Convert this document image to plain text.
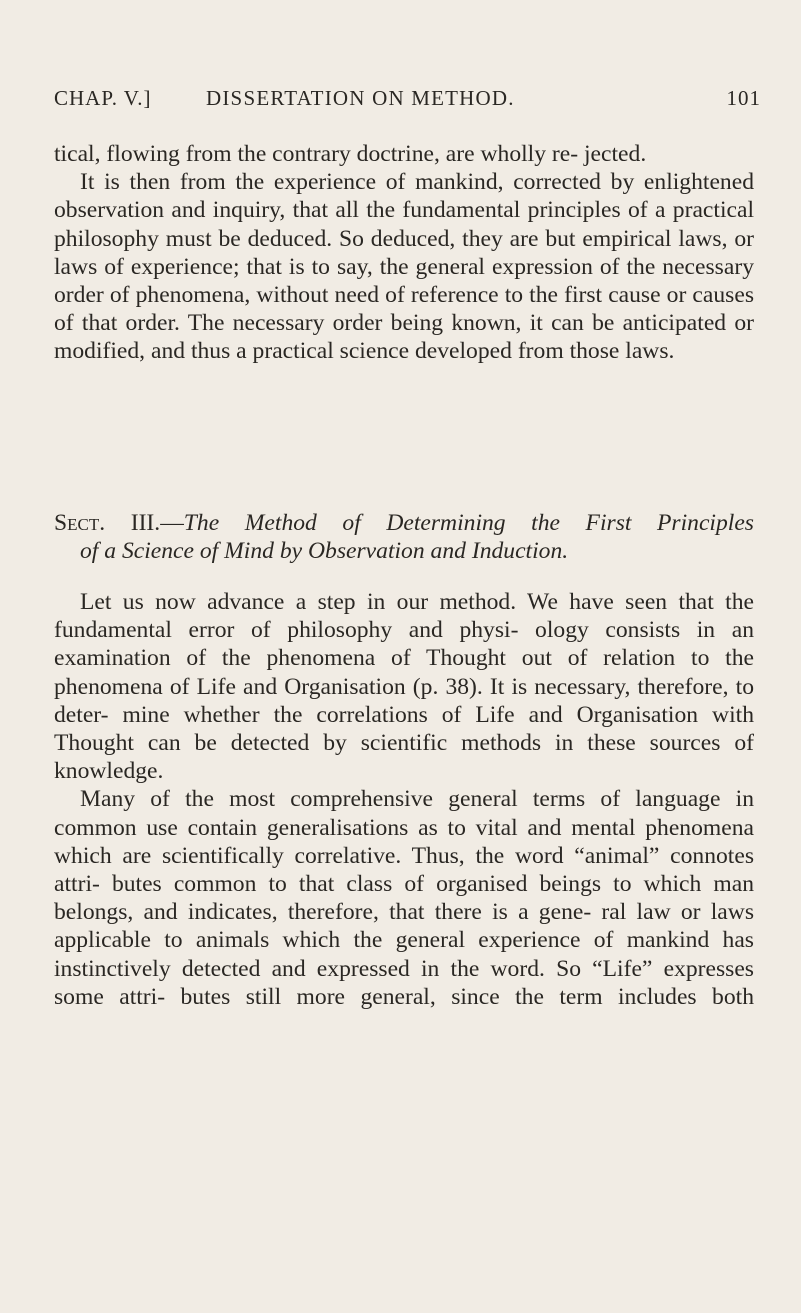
CHAP. V.]	DISSERTATION ON METHOD.	101

tical, flowing from the contrary doctrine, are wholly re- jected.

It is then from the experience of mankind, corrected by enlightened observation and inquiry, that all the fundamental principles of a practical philosophy must be deduced. So deduced, they are but empirical laws, or laws of experience; that is to say, the general expression of the necessary order of phenomena, without need of reference to the first cause or causes of that order. The necessary order being known, it can be anticipated or modified, and thus a practical science developed from those laws.

Sect. III.—The Method of Determining the First Principles
of a Science of Mind by Observation and Induction.

Let us now advance a step in our method. We have seen that the fundamental error of philosophy and physi- ology consists in an examination of the phenomena of Thought out of relation to the phenomena of Life and Organisation (p. 38). It is necessary, therefore, to deter- mine whether the correlations of Life and Organisation with Thought can be detected by scientific methods in these sources of knowledge.

Many of the most comprehensive general terms of language in common use contain generalisations as to vital and mental phenomena which are scientifically correlative. Thus, the word “animal” connotes attri- butes common to that class of organised beings to which man belongs, and indicates, therefore, that there is a gene- ral law or laws applicable to animals which the general experience of mankind has instinctively detected and expressed in the word. So “Life” expresses some attri- butes still more general, since the term includes both
